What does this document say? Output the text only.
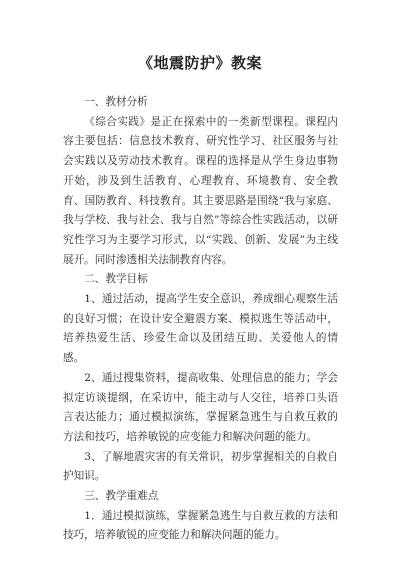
《地震防护》教案

一、教材分析

《综合实践》是正在探索中的一类新型课程。课程内容主要包括：信息技术教育、研究性学习、社区服务与社会实践以及劳动技术教育。课程的选择是从学生身边事物开始，涉及到生活教育、心理教育、环境教育、安全教育、国防教育、科技教育。其主要思路是围绕“我与家庭、我与学校、我与社会、我与自然”等综合性实践活动，以研究性学习为主要学习形式，以“实践、创新、发展”为主线展开。同时渗透相关法制教育内容。

二、教学目标

1、通过活动，提高学生安全意识，养成细心观察生活的良好习惯；在设计安全避震方案、模拟逃生等活动中，培养热爱生活、珍爱生命以及团结互助、关爱他人的情感。

2、通过搜集资料，提高收集、处理信息的能力；学会拟定访谈提纲，在采访中，能主动与人交往，培养口头语言表达能力；通过模拟演练，掌握紧急逃生与自救互救的方法和技巧，培养敏锐的应变能力和解决问题的能力。

3、了解地震灾害的有关常识，初步掌握相关的自救自护知识。

三、教学重难点

1．通过模拟演练，掌握紧急逃生与自救互救的方法和技巧，培养敏锐的应变能力和解决问题的能力。
